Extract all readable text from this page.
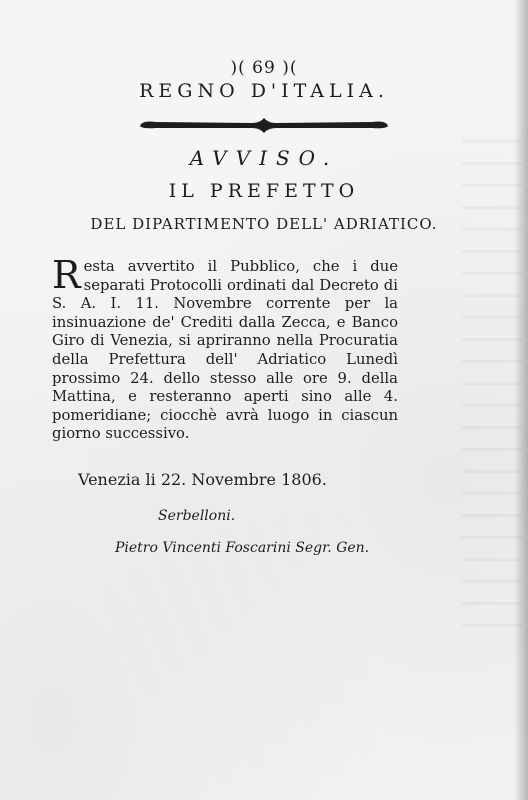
)( 69 )(
REGNO D'ITALIA.
AVVISO.
IL PREFETTO
DEL DIPARTIMENTO DELL' ADRIATICO.
Resta avvertito il Pubblico, che i due separati Protocolli ordinati dal Decreto di S. A. I. 11. Novembre corrente per la insinuazione de' Crediti dalla Zecca, e Banco Giro di Venezia, si apriranno nella Procuratia della Prefettura dell' Adriatico Lunedì prossimo 24. dello stesso alle ore 9. della Mattina, e resteranno aperti sino alle 4. pomeridiane; ciocchè avrà luogo in ciascun giorno successivo.
Venezia li 22. Novembre 1806.
Serbelloni.
Pietro Vincenti Foscarini Segr. Gen.
